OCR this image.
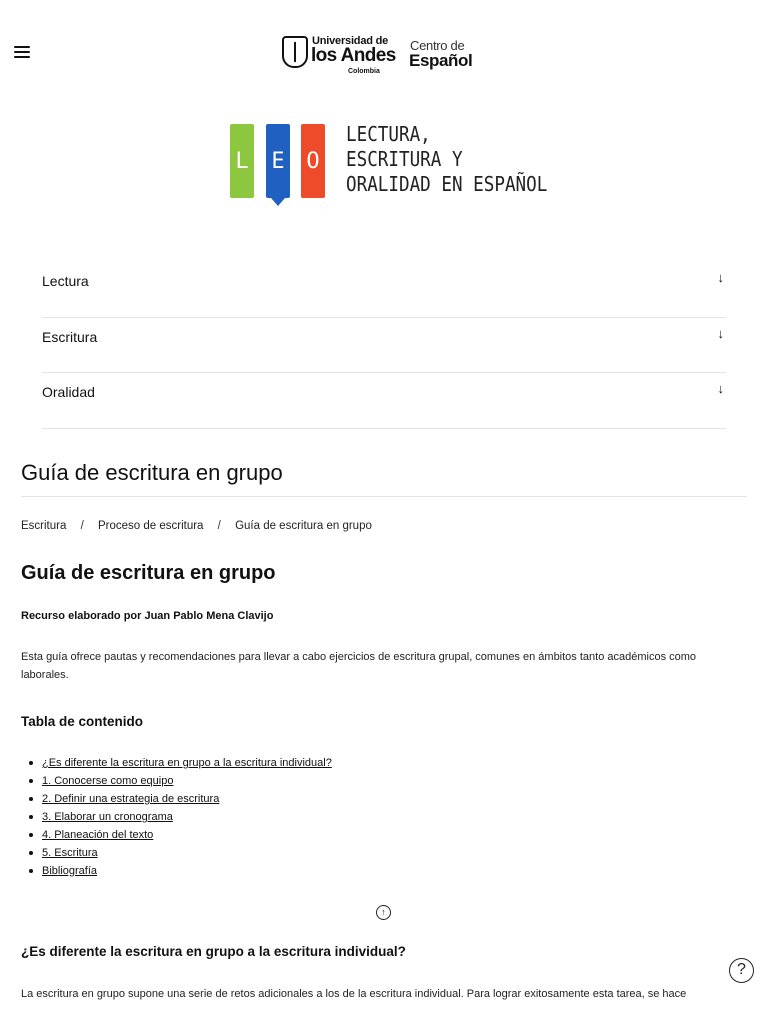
Universidad de
los Andes
Colombia
Centro de
Español
L E O
LECTURA,
ESCRITURA Y
ORALIDAD EN ESPAÑOL
Lectura	↓
Escritura	↓
Oralidad	↓
Guía de escritura en grupo
Escritura / Proceso de escritura / Guía de escritura en grupo
Guía de escritura en grupo
Recurso elaborado por Juan Pablo Mena Clavijo
Esta guía ofrece pautas y recomendaciones para llevar a cabo ejercicios de escritura grupal, comunes en ámbitos tanto académicos como laborales.
Tabla de contenido
¿Es diferente la escritura en grupo a la escritura individual?
1. Conocerse como equipo
2. Definir una estrategia de escritura
3. Elaborar un cronograma
4. Planeación del texto
5. Escritura
Bibliografía
↑
¿Es diferente la escritura en grupo a la escritura individual?
?
La escritura en grupo supone una serie de retos adicionales a los de la escritura individual. Para lograr exitosamente esta tarea, se hace
